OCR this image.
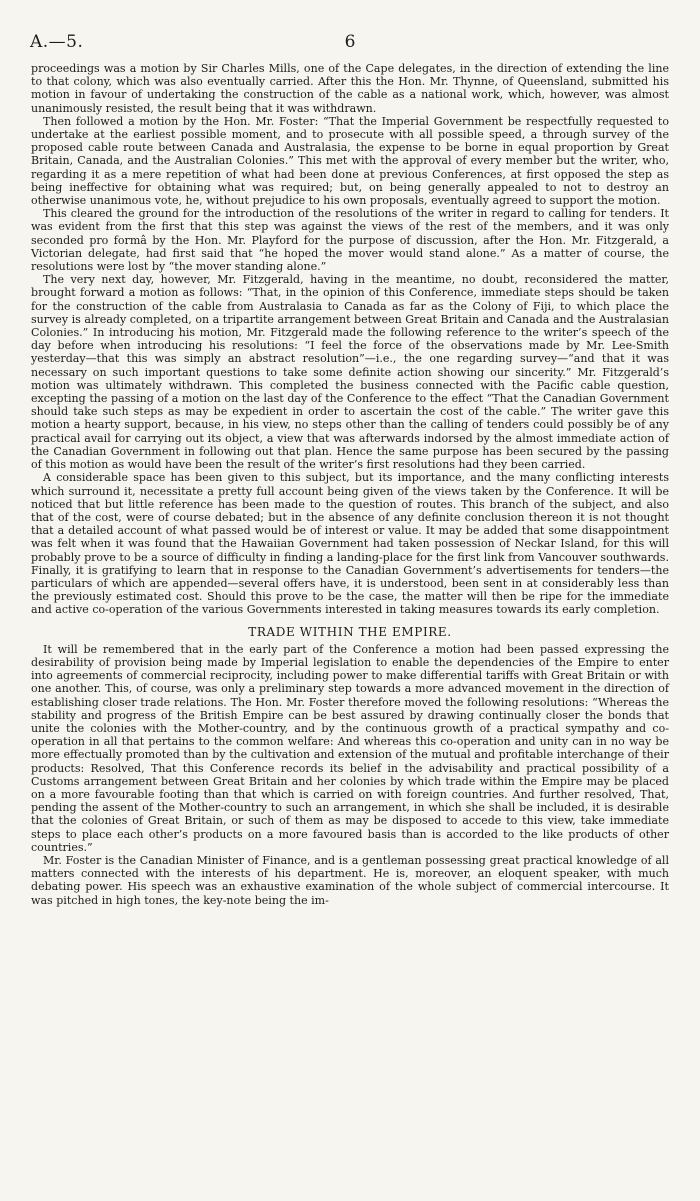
A.—5.	6

proceedings was a motion by Sir Charles Mills, one of the Cape delegates, in the direction of extending the line to that colony, which was also eventually carried. After this the Hon. Mr. Thynne, of Queensland, submitted his motion in favour of undertaking the construction of the cable as a national work, which, however, was almost unanimously resisted, the result being that it was withdrawn.

Then followed a motion by the Hon. Mr. Foster: “That the Imperial Government be respectfully requested to undertake at the earliest possible moment, and to prosecute with all possible speed, a through survey of the proposed cable route between Canada and Australasia, the expense to be borne in equal proportion by Great Britain, Canada, and the Australian Colonies.” This met with the approval of every member but the writer, who, regarding it as a mere repetition of what had been done at previous Conferences, at first opposed the step as being ineffective for obtaining what was required; but, on being generally appealed to not to destroy an otherwise unanimous vote, he, without prejudice to his own proposals, eventually agreed to support the motion.

This cleared the ground for the introduction of the resolutions of the writer in regard to calling for tenders. It was evident from the first that this step was against the views of the rest of the members, and it was only seconded pro formâ by the Hon. Mr. Playford for the purpose of discussion, after the Hon. Mr. Fitzgerald, a Victorian delegate, had first said that “he hoped the mover would stand alone.” As a matter of course, the resolutions were lost by “the mover standing alone.”

The very next day, however, Mr. Fitzgerald, having in the meantime, no doubt, reconsidered the matter, brought forward a motion as follows: “That, in the opinion of this Conference, immediate steps should be taken for the construction of the cable from Australasia to Canada as far as the Colony of Fiji, to which place the survey is already completed, on a tripartite arrangement between Great Britain and Canada and the Australasian Colonies.” In introducing his motion, Mr. Fitzgerald made the following reference to the writer’s speech of the day before when introducing his resolutions: “I feel the force of the observations made by Mr. Lee-Smith yesterday—that this was simply an abstract resolution”—i.e., the one regarding survey—“and that it was necessary on such important questions to take some definite action showing our sincerity.” Mr. Fitzgerald’s motion was ultimately withdrawn. This completed the business connected with the Pacific cable question, excepting the passing of a motion on the last day of the Conference to the effect “That the Canadian Government should take such steps as may be expedient in order to ascertain the cost of the cable.” The writer gave this motion a hearty support, because, in his view, no steps other than the calling of tenders could possibly be of any practical avail for carrying out its object, a view that was afterwards indorsed by the almost immediate action of the Canadian Government in following out that plan. Hence the same purpose has been secured by the passing of this motion as would have been the result of the writer’s first resolutions had they been carried.

A considerable space has been given to this subject, but its importance, and the many conflicting interests which surround it, necessitate a pretty full account being given of the views taken by the Conference. It will be noticed that but little reference has been made to the question of routes. This branch of the subject, and also that of the cost, were of course debated; but in the absence of any definite conclusion thereon it is not thought that a detailed account of what passed would be of interest or value. It may be added that some disappointment was felt when it was found that the Hawaiian Government had taken possession of Neckar Island, for this will probably prove to be a source of difficulty in finding a landing-place for the first link from Vancouver southwards. Finally, it is gratifying to learn that in response to the Canadian Government’s advertisements for tenders—the particulars of which are appended—several offers have, it is understood, been sent in at considerably less than the previously estimated cost. Should this prove to be the case, the matter will then be ripe for the immediate and active co-operation of the various Governments interested in taking measures towards its early completion.

TRADE WITHIN THE EMPIRE.

It will be remembered that in the early part of the Conference a motion had been passed expressing the desirability of provision being made by Imperial legislation to enable the dependencies of the Empire to enter into agreements of commercial reciprocity, including power to make differential tariffs with Great Britain or with one another. This, of course, was only a preliminary step towards a more advanced movement in the direction of establishing closer trade relations. The Hon. Mr. Foster therefore moved the following resolutions: “Whereas the stability and progress of the British Empire can be best assured by drawing continually closer the bonds that unite the colonies with the Mother-country, and by the continuous growth of a practical sympathy and co-operation in all that pertains to the common welfare: And whereas this co-operation and unity can in no way be more effectually promoted than by the cultivation and extension of the mutual and profitable interchange of their products: Resolved, That this Conference records its belief in the advisability and practical possibility of a Customs arrangement between Great Britain and her colonies by which trade within the Empire may be placed on a more favourable footing than that which is carried on with foreign countries. And further resolved, That, pending the assent of the Mother-country to such an arrangement, in which she shall be included, it is desirable that the colonies of Great Britain, or such of them as may be disposed to accede to this view, take immediate steps to place each other’s products on a more favoured basis than is accorded to the like products of other countries.”

Mr. Foster is the Canadian Minister of Finance, and is a gentleman possessing great practical knowledge of all matters connected with the interests of his department. He is, moreover, an eloquent speaker, with much debating power. His speech was an exhaustive examination of the whole subject of commercial intercourse. It was pitched in high tones, the key-note being the im-
